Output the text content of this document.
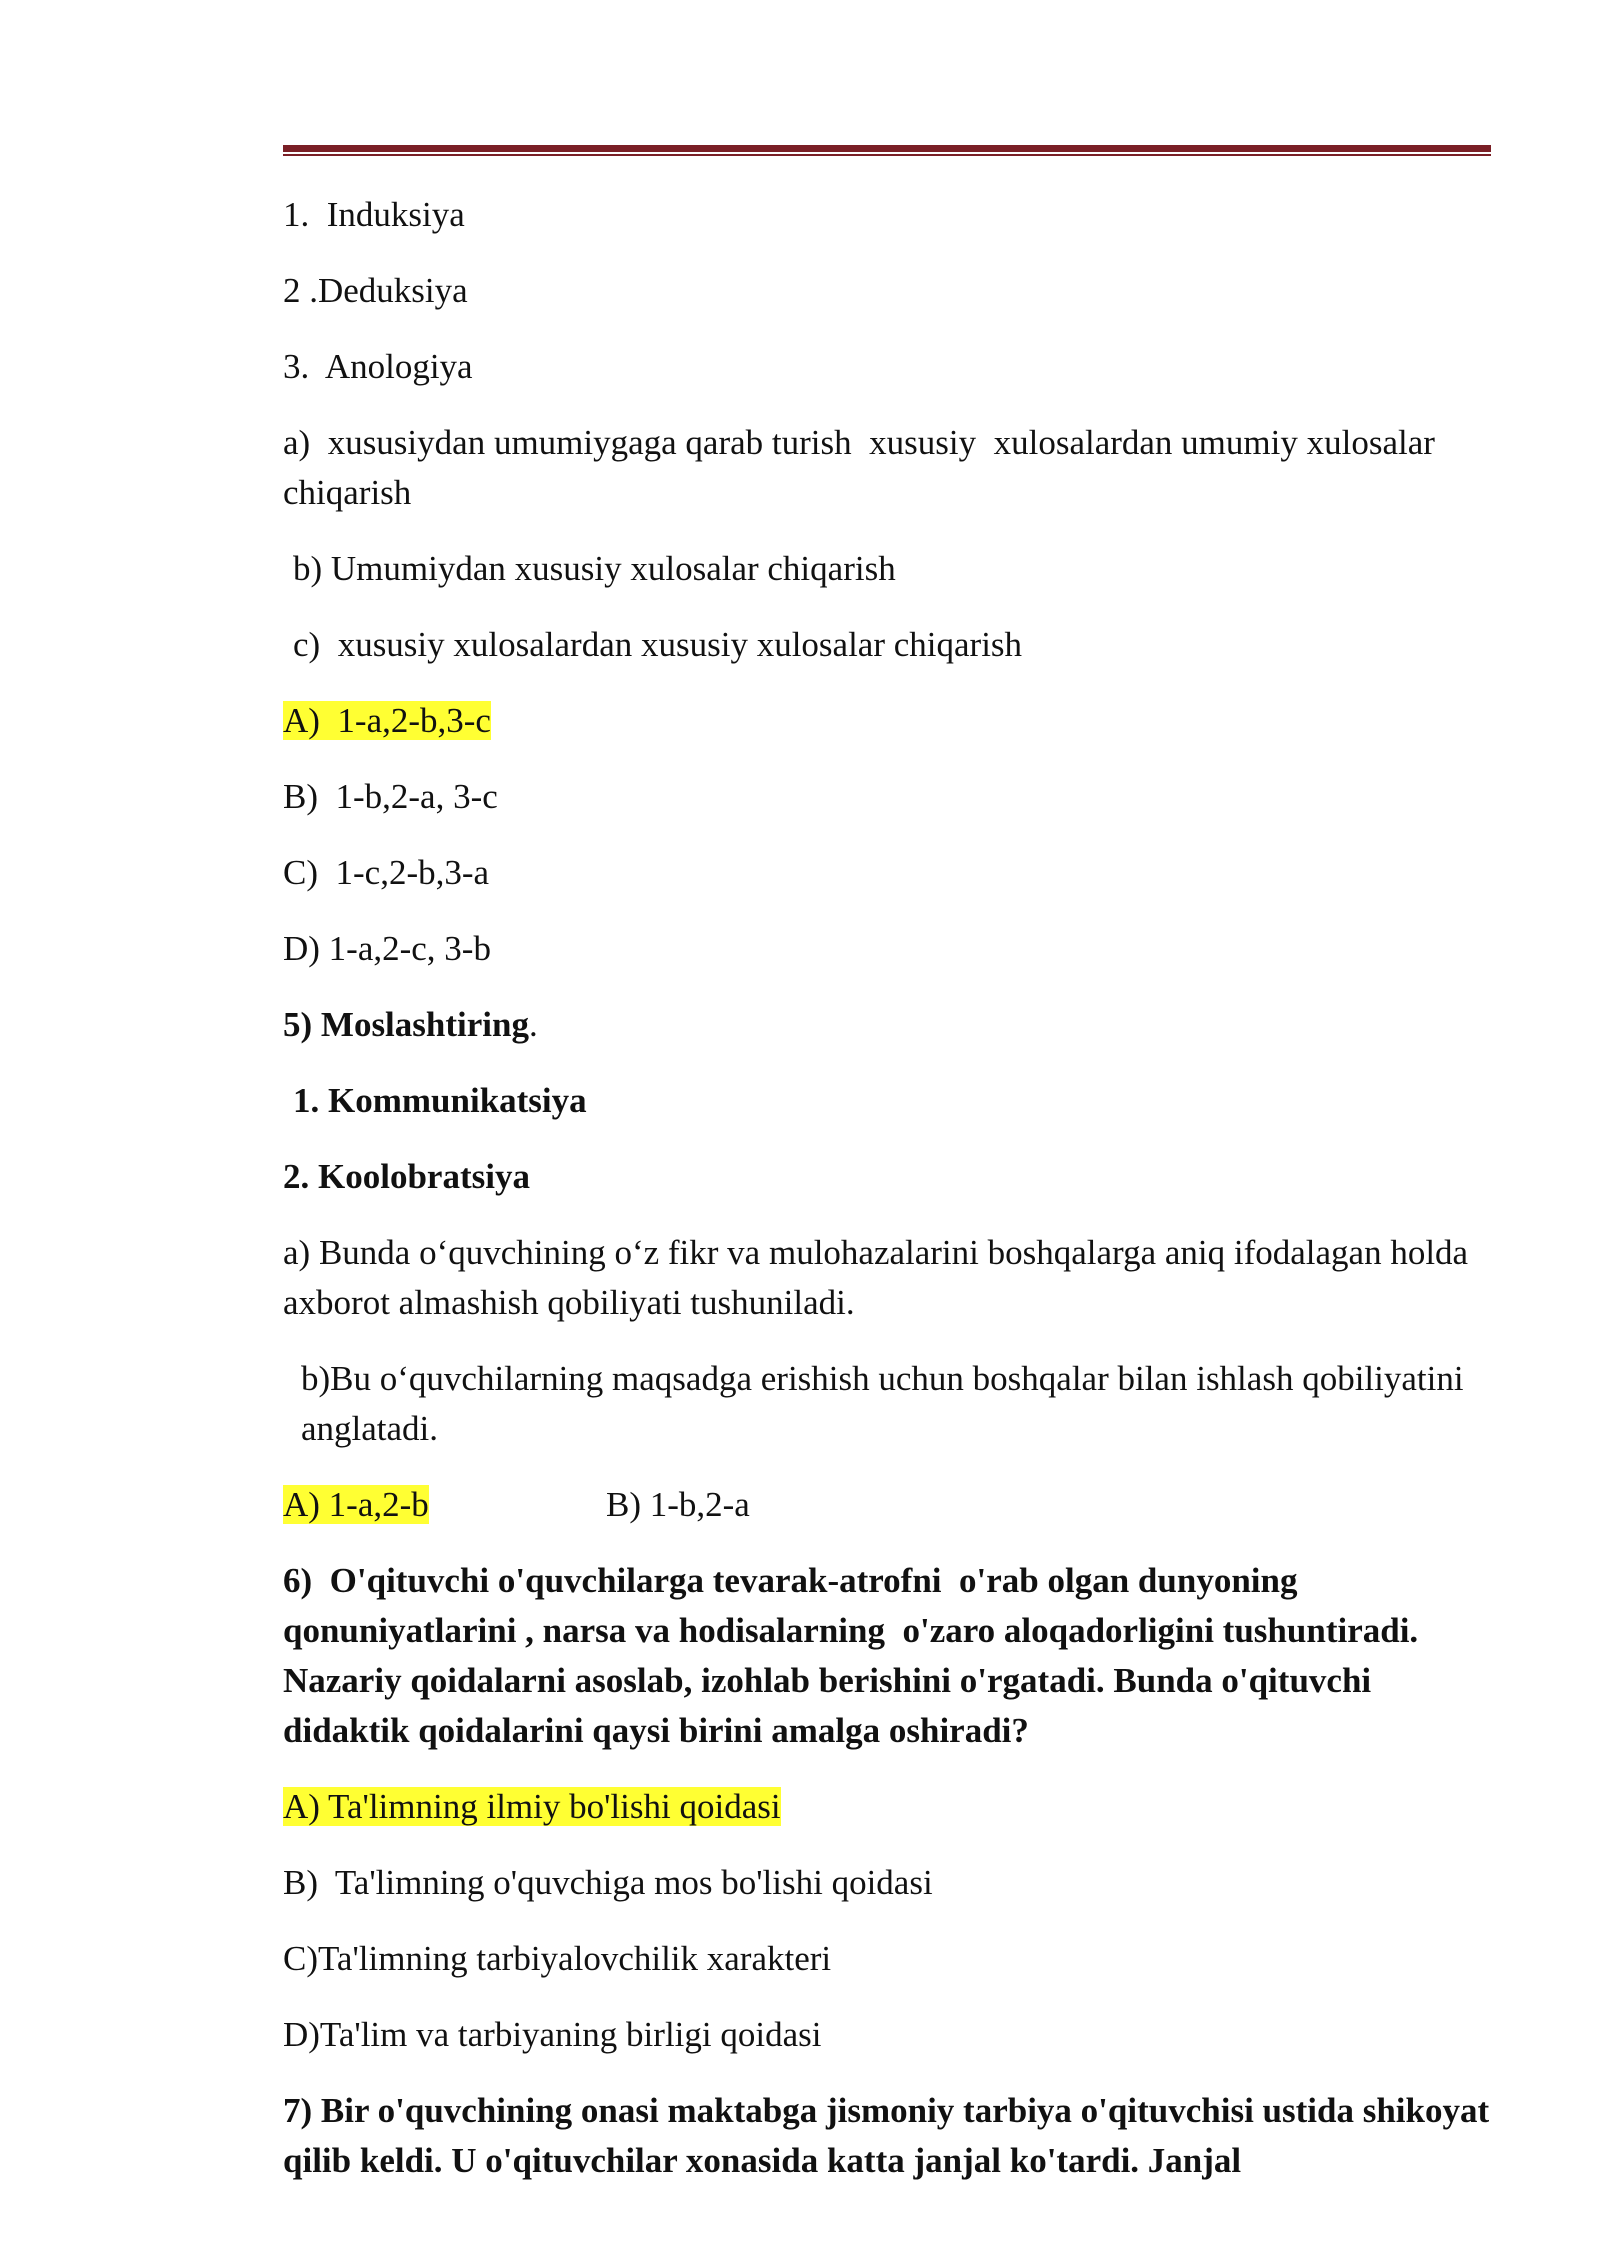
1.  Induksiya

2 .Deduksiya

3.  Anologiya

a)  xususiydan umumiygaga qarab turish  xususiy  xulosalardan umumiy xulosalar chiqarish

b) Umumiydan xususiy xulosalar chiqarish

c)  xususiy xulosalardan xususiy xulosalar chiqarish

A)  1-a,2-b,3-c

B)  1-b,2-a, 3-c

C)  1-c,2-b,3-a

D) 1-a,2-c, 3-b

5) Moslashtiring.

1. Kommunikatsiya

2. Koolobratsiya

a) Bunda o‘quvchining o‘z fikr va mulohazalarini boshqalarga aniq ifodalagan holda axborot almashish qobiliyati tushuniladi.

b)Bu o‘quvchilarning maqsadga erishish uchun boshqalar bilan ishlash qobiliyatini anglatadi.

A) 1-a,2-b	B) 1-b,2-a

6)  O'qituvchi o'quvchilarga tevarak-atrofni  o'rab olgan dunyoning qonuniyatlarini , narsa va hodisalarning  o'zaro aloqadorligini tushuntiradi. Nazariy qoidalarni asoslab, izohlab berishini o'rgatadi. Bunda o'qituvchi didaktik qoidalarini qaysi birini amalga oshiradi?

A) Ta'limning ilmiy bo'lishi qoidasi

B)  Ta'limning o'quvchiga mos bo'lishi qoidasi

C)Ta'limning tarbiyalovchilik xarakteri

D)Ta'lim va tarbiyaning birligi qoidasi

7) Bir o'quvchining onasi maktabga jismoniy tarbiya o'qituvchisi ustida shikoyat qilib keldi. U o'qituvchilar xonasida katta janjal ko'tardi. Janjal
